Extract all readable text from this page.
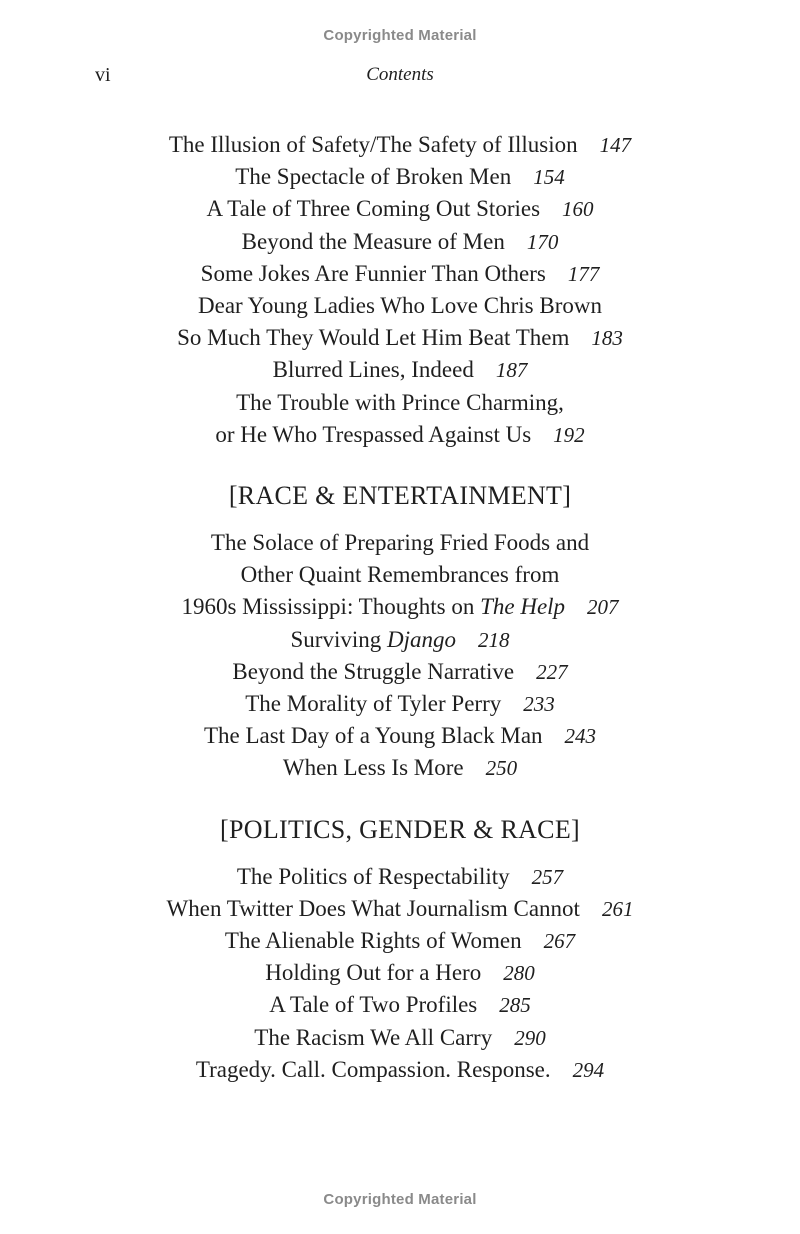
Copyrighted Material
vi	Contents
The Illusion of Safety/The Safety of Illusion 147
The Spectacle of Broken Men 154
A Tale of Three Coming Out Stories 160
Beyond the Measure of Men 170
Some Jokes Are Funnier Than Others 177
Dear Young Ladies Who Love Chris Brown
So Much They Would Let Him Beat Them 183
Blurred Lines, Indeed 187
The Trouble with Prince Charming,
or He Who Trespassed Against Us 192
[RACE & ENTERTAINMENT]
The Solace of Preparing Fried Foods and
Other Quaint Remembrances from
1960s Mississippi: Thoughts on The Help 207
Surviving Django 218
Beyond the Struggle Narrative 227
The Morality of Tyler Perry 233
The Last Day of a Young Black Man 243
When Less Is More 250
[POLITICS, GENDER & RACE]
The Politics of Respectability 257
When Twitter Does What Journalism Cannot 261
The Alienable Rights of Women 267
Holding Out for a Hero 280
A Tale of Two Profiles 285
The Racism We All Carry 290
Tragedy. Call. Compassion. Response. 294
Copyrighted Material
